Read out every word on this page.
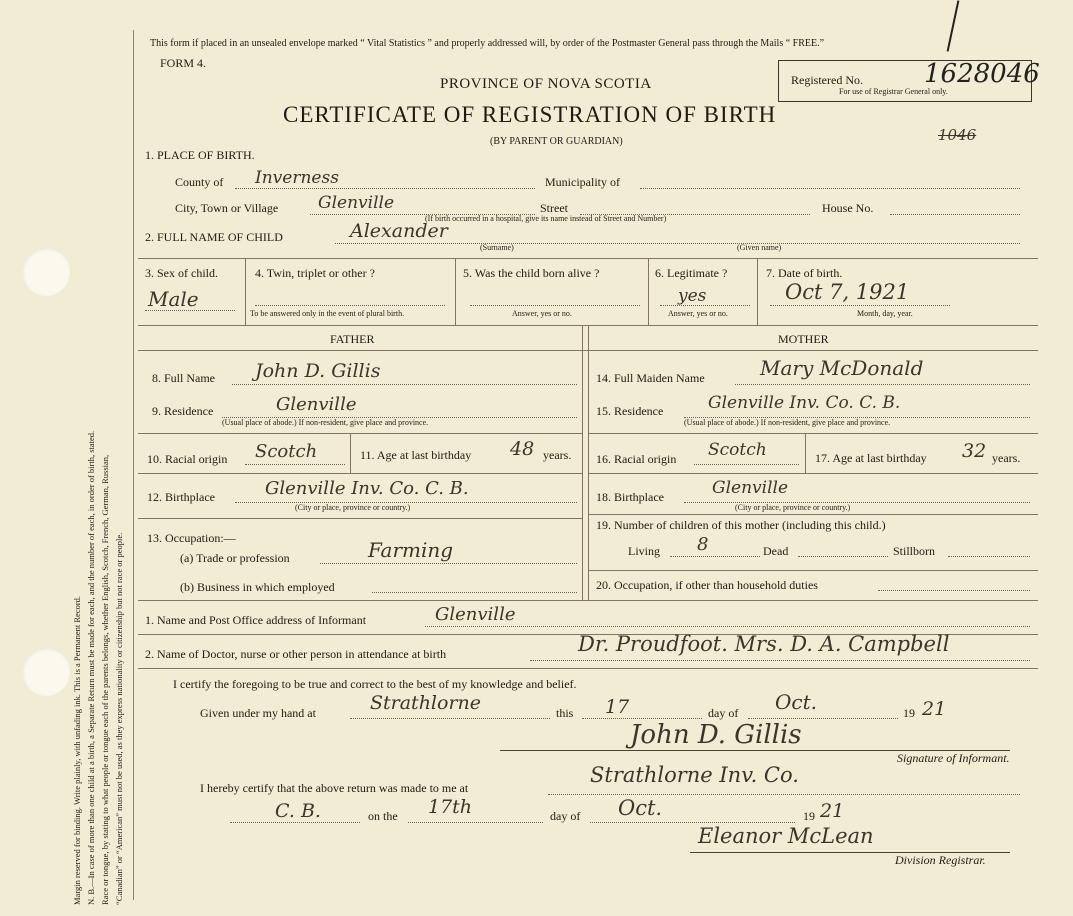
Margin reserved for binding. Write plainly, with unfading ink. This is a Permanent Record. N. B.—In case of more than one child at a birth, a Separate Return must be made for each, and the number of each, in order of birth, stated. Race or tongue, by stating to what people or tongue each of the parents belongs, whether English, Scotch, French, German, Russian, “Canadian” or “American” must not be used, as they express nationality or citizenship but not race or people.
This form if placed in an unsealed envelope marked “ Vital Statistics ” and properly addressed will, by order of the Postmaster General pass through the Mails “ FREE.”
FORM 4.
PROVINCE OF NOVA SCOTIA
CERTIFICATE OF REGISTRATION OF BIRTH
(BY PARENT OR GUARDIAN)
Registered No.
For use of Registrar General only.
1628046
1046
1. PLACE OF BIRTH.
County of Inverness	Municipality of
City, Town or Village Glenville	Street	House No.
(If birth occurred in a hospital, give its name instead of Street and Number)
2. FULL NAME OF CHILD	Alexander
(Surname)	(Given name)
3. Sex of child.
Male
4. Twin, triplet or other ?
To be answered only in the event of plural birth.
5. Was the child born alive ?
Answer, yes or no.
6. Legitimate ?
yes
Answer, yes or no.
7. Date of birth.
Oct 7, 1921
Month, day, year.
FATHER	MOTHER
8. Full Name John D. Gillis
9. Residence	Glenville
(Usual place of abode.) If non-resident, give place and province.
10. Racial origin Scotch	11. Age at last birthday 48 years.
12. Birthplace	Glenville Inv. Co. C. B.
(City or place, province or country.)
13. Occupation:—
(a) Trade or profession	Farming
(b) Business in which employed
14. Full Maiden Name	Mary McDonald
15. Residence	Glenville Inv. Co. C. B.
(Usual place of abode.) If non-resident, give place and province.
16. Racial origin Scotch	17. Age at last birthday 32 years.
18. Birthplace	Glenville
(City or place, province or country.)
19. Number of children of this mother (including this child.)
Living 8	Dead	Stillborn
20. Occupation, if other than household duties
1. Name and Post Office address of Informant	Glenville
2. Name of Doctor, nurse or other person in attendance at birth	Dr. Proudfoot. Mrs. D. A. Campbell
I certify the foregoing to be true and correct to the best of my knowledge and belief.
Given under my hand at	Strathlorne	this 17	day of Oct.	19 21
John D. Gillis
Signature of Informant.
I hereby certify that the above return was made to me at
Strathlorne Inv. Co.
C. B.	on the 17th	day of Oct.	19 21
Eleanor McLean
Division Registrar.
